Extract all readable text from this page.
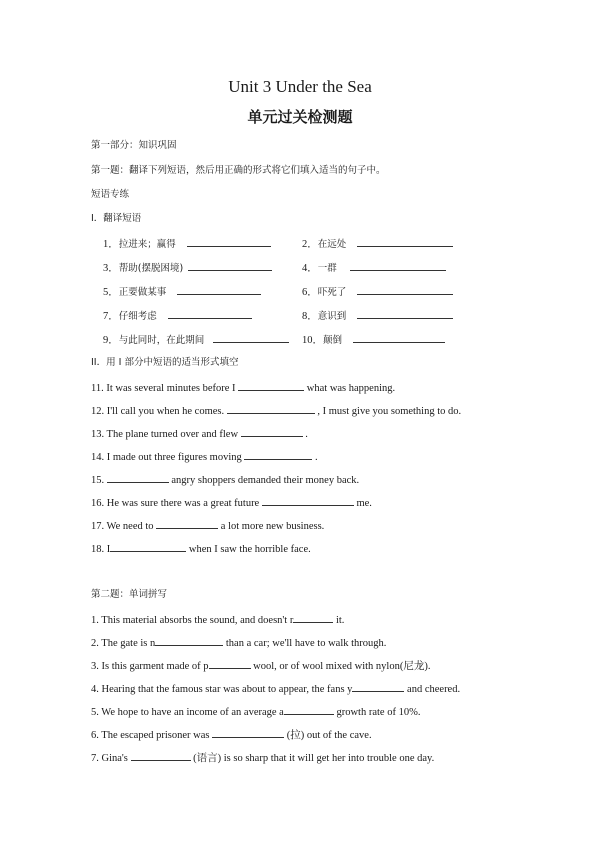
Unit 3 Under the Sea
单元过关检测题
第一部分：知识巩固
第一题：翻译下列短语，然后用正确的形式将它们填入适当的句子中。
短语专练
I．翻译短语
1．拉进来；赢得	2．在远处
3．帮助(摆脱困境)	4．一群
5．正要做某事	6．吓死了
7．仔细考虑	8．意识到
9．与此同时，在此期间	10．颠倒
II．用 I 部分中短语的适当形式填空
11. It was several minutes before I	what was happening.
12. I'll call you when he comes.	, I must give you something to do.
13. The plane turned over and flew	.
14. I made out three figures moving	.
15.	angry shoppers demanded their money back.
16. He was sure there was a great future	me.
17. We need to	a lot more new business.
18. I	when I saw the horrible face.
第二题：单词拼写
1. This material absorbs the sound, and doesn't r	it.
2. The gate is n	than a car; we'll have to walk through.
3. Is this garment made of p	wool, or of wool mixed with nylon(尼龙).
4. Hearing that the famous star was about to appear, the fans y	and cheered.
5. We hope to have an income of an average a	growth rate of 10%.
6. The escaped prisoner was	(拉) out of the cave.
7. Gina's	(语言) is so sharp that it will get her into trouble one day.
